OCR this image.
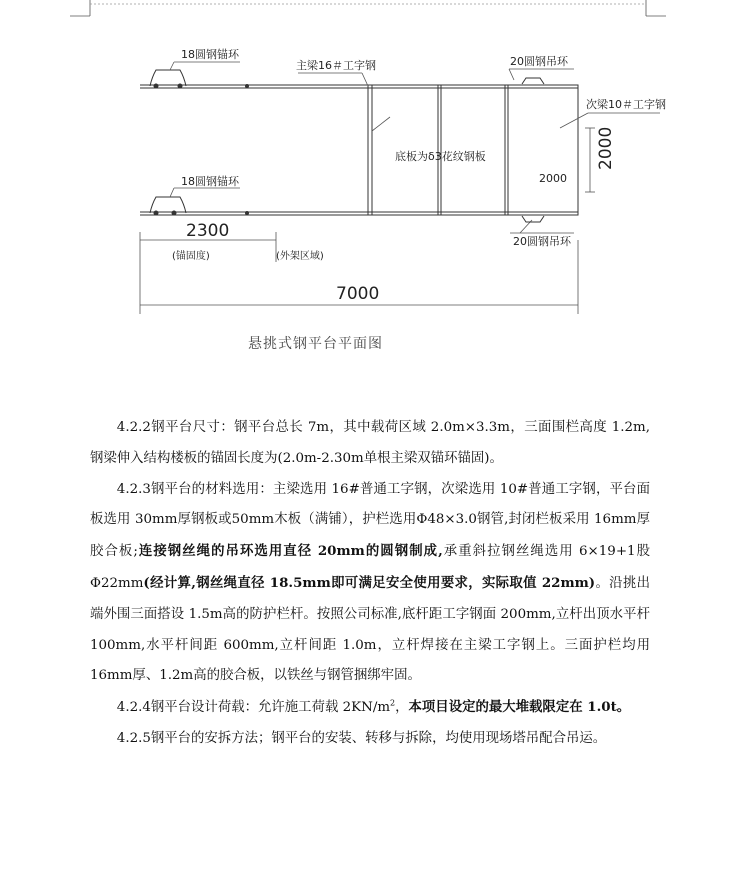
18圆钢锚环
18圆钢锚环
主梁16＃工字钢	20圆钢吊环
次梁10＃工字钢
底板为δ3花纹钢板
2000
2000
20圆钢吊环
2300
(锚固度)	(外架区域)
7000
悬挑式钢平台平面图

4.2.2钢平台尺寸：钢平台总长 7m，其中载荷区域 2.0m×3.3m，三面围栏高度 1.2m,钢梁伸入结构楼板的锚固长度为(2.0m-2.30m单根主梁双锚环锚固)。

4.2.3钢平台的材料选用：主梁选用 16#普通工字钢，次梁选用 10#普通工字钢，平台面板选用 30mm厚钢板或50mm木板（满铺），护栏选用Φ48×3.0钢管,封闭栏板采用 16mm厚胶合板;连接钢丝绳的吊环选用直径 20mm的圆钢制成,承重斜拉钢丝绳选用 6×19+1股Φ22mm(经计算,钢丝绳直径 18.5mm即可满足安全使用要求，实际取值 22mm)。沿挑出端外围三面搭设 1.5m高的防护栏杆。按照公司标准,底杆距工字钢面 200mm,立杆出顶水平杆 100mm,水平杆间距 600mm,立杆间距 1.0m，立杆焊接在主梁工字钢上。三面护栏均用 16mm厚、1.2m高的胶合板，以铁丝与钢管捆绑牢固。

4.2.4钢平台设计荷载：允许施工荷载 $2KN/m^2$，本项目设定的最大堆载限定在 1.0t。

4.2.5钢平台的安拆方法；钢平台的安装、转移与拆除，均使用现场塔吊配合吊运。
